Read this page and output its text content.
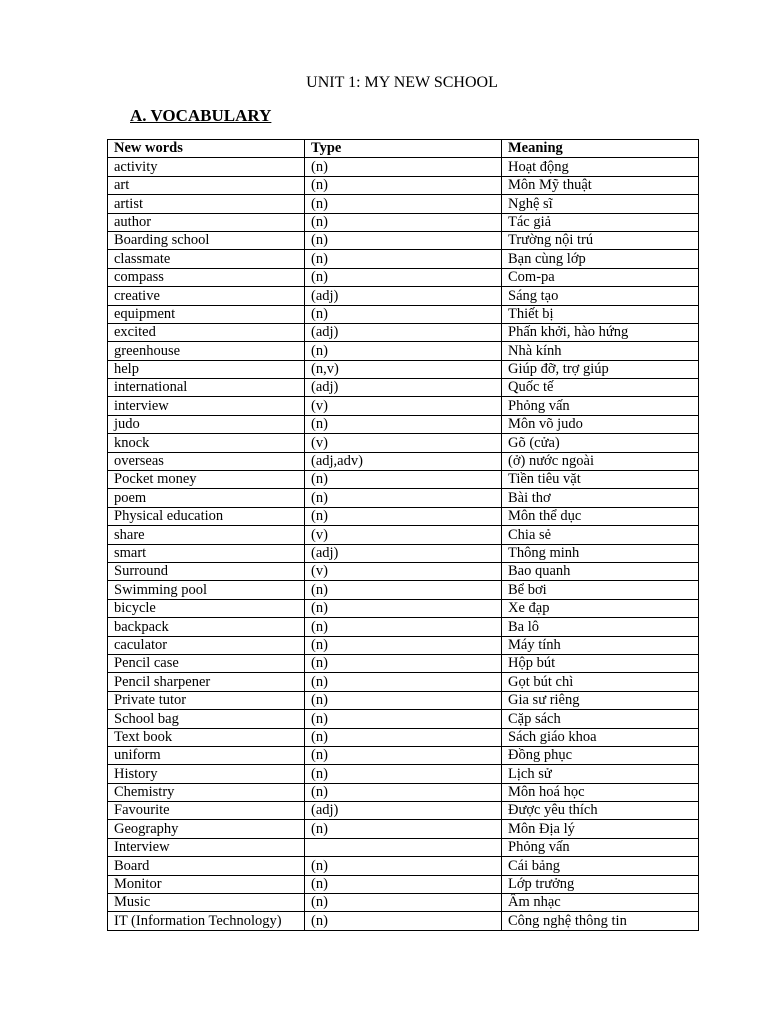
UNIT 1: MY NEW SCHOOL
A. VOCABULARY
New words	Type	Meaning
activity	(n)	Hoạt động
art	(n)	Môn Mỹ thuật
artist	(n)	Nghệ sĩ
author	(n)	Tác giả
Boarding school	(n)	Trường nội trú
classmate	(n)	Bạn cùng lớp
compass	(n)	Com-pa
creative	(adj)	Sáng tạo
equipment	(n)	Thiết bị
excited	(adj)	Phấn khởi, hào hứng
greenhouse	(n)	Nhà kính
help	(n,v)	Giúp đỡ, trợ giúp
international	(adj)	Quốc tế
interview	(v)	Phỏng vấn
judo	(n)	Môn võ judo
knock	(v)	Gõ (cửa)
overseas	(adj,adv)	(ở) nước ngoài
Pocket money	(n)	Tiền tiêu vặt
poem	(n)	Bài thơ
Physical education	(n)	Môn thể dục
share	(v)	Chia sẻ
smart	(adj)	Thông minh
Surround	(v)	Bao quanh
Swimming pool	(n)	Bể bơi
bicycle	(n)	Xe đạp
backpack	(n)	Ba lô
caculator	(n)	Máy tính
Pencil case	(n)	Hộp bút
Pencil sharpener	(n)	Gọt bút chì
Private tutor	(n)	Gia sư riêng
School bag	(n)	Cặp sách
Text book	(n)	Sách giáo khoa
uniform	(n)	Đồng phục
History	(n)	Lịch sử
Chemistry	(n)	Môn hoá học
Favourite	(adj)	Được yêu thích
Geography	(n)	Môn Địa lý
Interview		Phỏng vấn
Board	(n)	Cái bảng
Monitor	(n)	Lớp trưởng
Music	(n)	Âm nhạc
IT (Information Technology)	(n)	Công nghệ thông tin
